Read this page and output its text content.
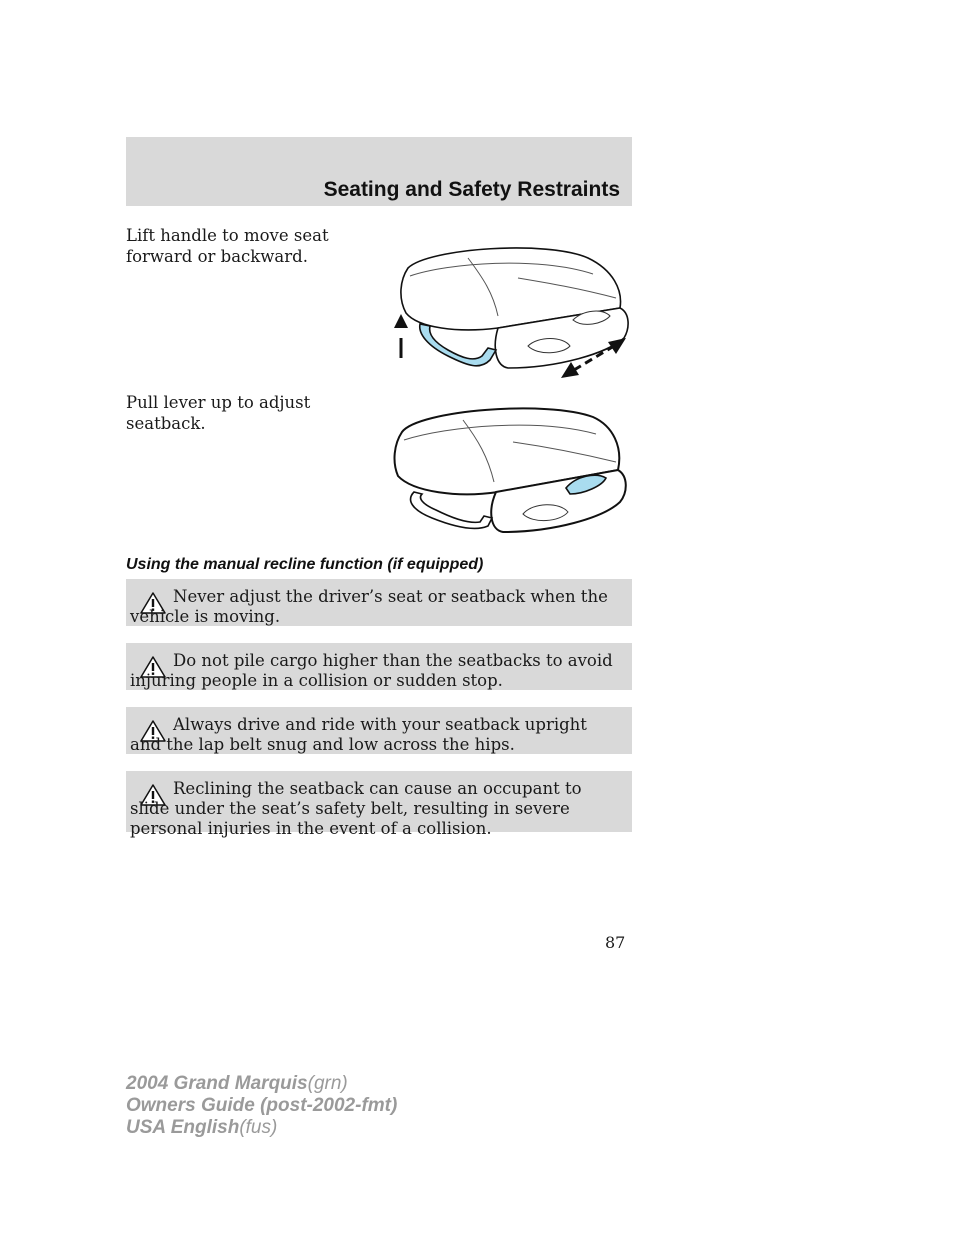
Seating and Safety Restraints
Lift handle to move seat forward or backward.
Pull lever up to adjust seatback.
Using the manual recline function (if equipped)
Never adjust the driver’s seat or seatback when the vehicle is moving.
Do not pile cargo higher than the seatbacks to avoid injuring people in a collision or sudden stop.
Always drive and ride with your seatback upright and the lap belt snug and low across the hips.
Reclining the seatback can cause an occupant to slide under the seat’s safety belt, resulting in severe personal injuries in the event of a collision.
87
2004 Grand Marquis(grn)
Owners Guide (post-2002-fmt)
USA English(fus)
